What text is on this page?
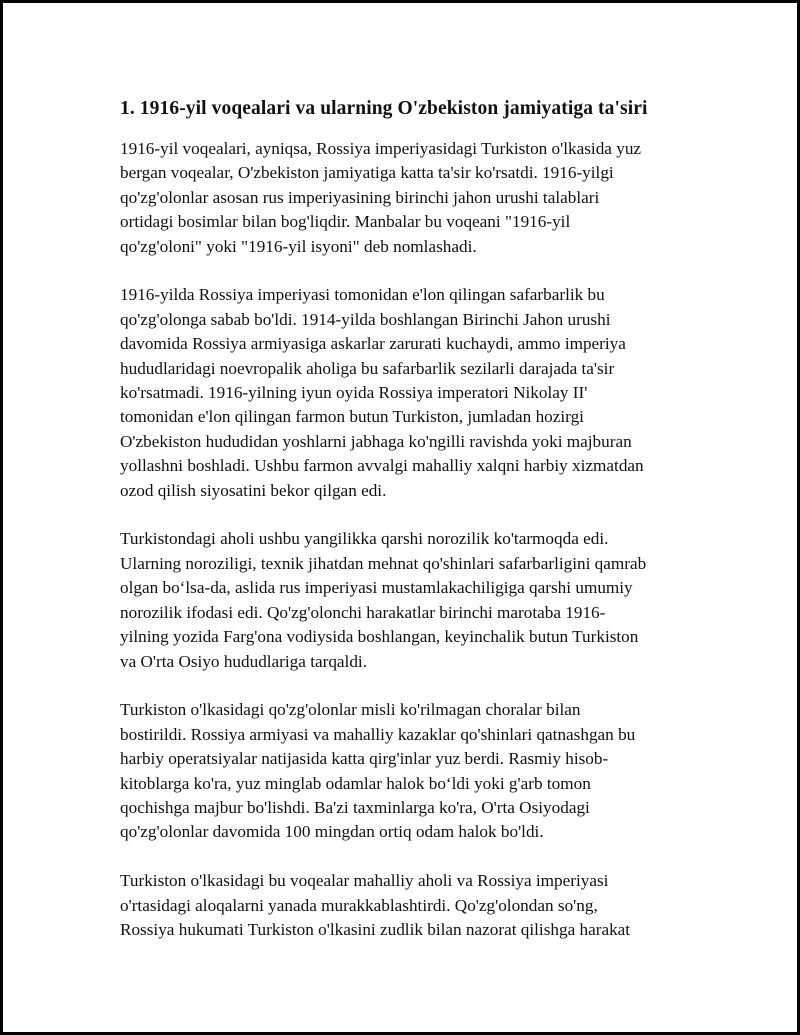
1. 1916-yil voqealari va ularning O'zbekiston jamiyatiga ta'siri

1916-yil voqealari, ayniqsa, Rossiya imperiyasidagi Turkiston o'lkasida yuz
bergan voqealar, O'zbekiston jamiyatiga katta ta'sir ko'rsatdi. 1916-yilgi
qo'zg'olonlar asosan rus imperiyasining birinchi jahon urushi talablari
ortidagi bosimlar bilan bog'liqdir. Manbalar bu voqeani "1916-yil
qo'zg'oloni" yoki "1916-yil isyoni" deb nomlashadi.

1916-yilda Rossiya imperiyasi tomonidan e'lon qilingan safarbarlik bu
qo'zg'olonga sabab bo'ldi. 1914-yilda boshlangan Birinchi Jahon urushi
davomida Rossiya armiyasiga askarlar zarurati kuchaydi, ammo imperiya
hududlaridagi noevropalik aholiga bu safarbarlik sezilarli darajada ta'sir
ko'rsatmadi. 1916-yilning iyun oyida Rossiya imperatori Nikolay II'
tomonidan e'lon qilingan farmon butun Turkiston, jumladan hozirgi
O'zbekiston hududidan yoshlarni jabhaga ko'ngilli ravishda yoki majburan
yollashni boshladi. Ushbu farmon avvalgi mahalliy xalqni harbiy xizmatdan
ozod qilish siyosatini bekor qilgan edi.

Turkistondagi aholi ushbu yangilikka qarshi norozilik ko'tarmoqda edi.
Ularning noroziligi, texnik jihatdan mehnat qo'shinlari safarbarligini qamrab
olgan bo‘lsa-da, aslida rus imperiyasi mustamlakachiligiga qarshi umumiy
norozilik ifodasi edi. Qo'zg'olonchi harakatlar birinchi marotaba 1916-
yilning yozida Farg'ona vodiysida boshlangan, keyinchalik butun Turkiston
va O'rta Osiyo hududlariga tarqaldi.

Turkiston o'lkasidagi qo'zg'olonlar misli ko'rilmagan choralar bilan
bostirildi. Rossiya armiyasi va mahalliy kazaklar qo'shinlari qatnashgan bu
harbiy operatsiyalar natijasida katta qirg'inlar yuz berdi. Rasmiy hisob-
kitoblarga ko'ra, yuz minglab odamlar halok bo‘ldi yoki g'arb tomon
qochishga majbur bo'lishdi. Ba'zi taxminlarga ko'ra, O'rta Osiyodagi
qo'zg'olonlar davomida 100 mingdan ortiq odam halok bo'ldi.

Turkiston o'lkasidagi bu voqealar mahalliy aholi va Rossiya imperiyasi
o'rtasidagi aloqalarni yanada murakkablashtirdi. Qo'zg'olondan so'ng,
Rossiya hukumati Turkiston o'lkasini zudlik bilan nazorat qilishga harakat
